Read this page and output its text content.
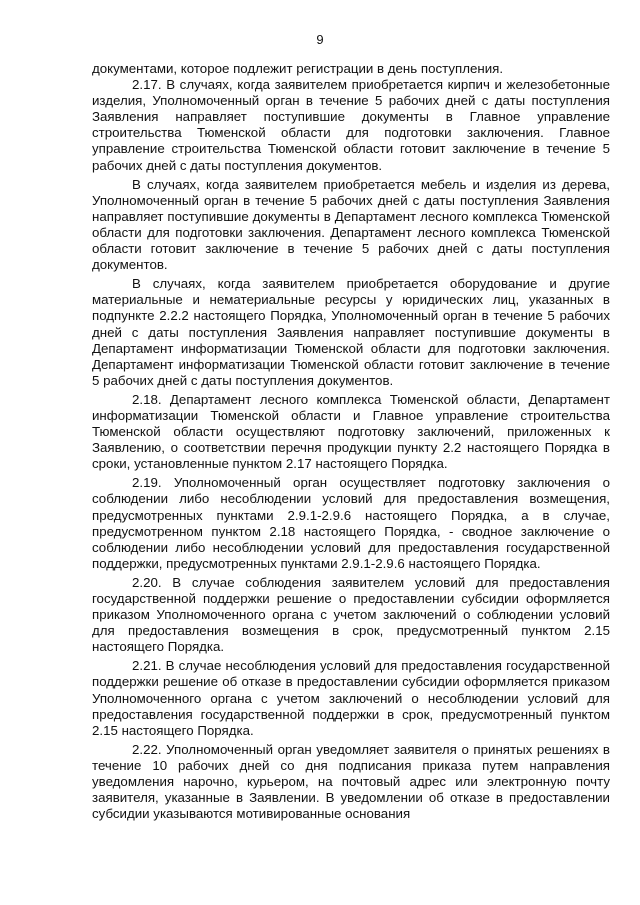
9

документами, которое подлежит регистрации в день поступления.

2.17. В случаях, когда заявителем приобретается кирпич и железобетонные изделия, Уполномоченный орган в течение 5 рабочих дней с даты поступления Заявления направляет поступившие документы в Главное управление строительства Тюменской области для подготовки заключения. Главное управление строительства Тюменской области готовит заключение в течение 5 рабочих дней с даты поступления документов.

В случаях, когда заявителем приобретается мебель и изделия из дерева, Уполномоченный орган в течение 5 рабочих дней с даты поступления Заявления направляет поступившие документы в Департамент лесного комплекса Тюменской области для подготовки заключения. Департамент лесного комплекса Тюменской области готовит заключение в течение 5 рабочих дней с даты поступления документов.

В случаях, когда заявителем приобретается оборудование и другие материальные и нематериальные ресурсы у юридических лиц, указанных в подпункте 2.2.2 настоящего Порядка, Уполномоченный орган в течение 5 рабочих дней с даты поступления Заявления направляет поступившие документы в Департамент информатизации Тюменской области для подготовки заключения. Департамент информатизации Тюменской области готовит заключение в течение 5 рабочих дней с даты поступления документов.

2.18. Департамент лесного комплекса Тюменской области, Департамент информатизации Тюменской области и Главное управление строительства Тюменской области осуществляют подготовку заключений, приложенных к Заявлению, о соответствии перечня продукции пункту 2.2 настоящего Порядка в сроки, установленные пунктом 2.17 настоящего Порядка.

2.19. Уполномоченный орган осуществляет подготовку заключения о соблюдении либо несоблюдении условий для предоставления возмещения, предусмотренных пунктами 2.9.1-2.9.6 настоящего Порядка, а в случае, предусмотренном пунктом 2.18 настоящего Порядка, - сводное заключение о соблюдении либо несоблюдении условий для предоставления государственной поддержки, предусмотренных пунктами 2.9.1-2.9.6 настоящего Порядка.

2.20. В случае соблюдения заявителем условий для предоставления государственной поддержки решение о предоставлении субсидии оформляется приказом Уполномоченного органа с учетом заключений о соблюдении условий для предоставления возмещения в срок, предусмотренный пунктом 2.15 настоящего Порядка.

2.21. В случае несоблюдения условий для предоставления государственной поддержки решение об отказе в предоставлении субсидии оформляется приказом Уполномоченного органа с учетом заключений о несоблюдении условий для предоставления государственной поддержки в срок, предусмотренный пунктом 2.15 настоящего Порядка.

2.22. Уполномоченный орган уведомляет заявителя о принятых решениях в течение 10 рабочих дней со дня подписания приказа путем направления уведомления нарочно, курьером, на почтовый адрес или электронную почту заявителя, указанные в Заявлении. В уведомлении об отказе в предоставлении субсидии указываются мотивированные основания
